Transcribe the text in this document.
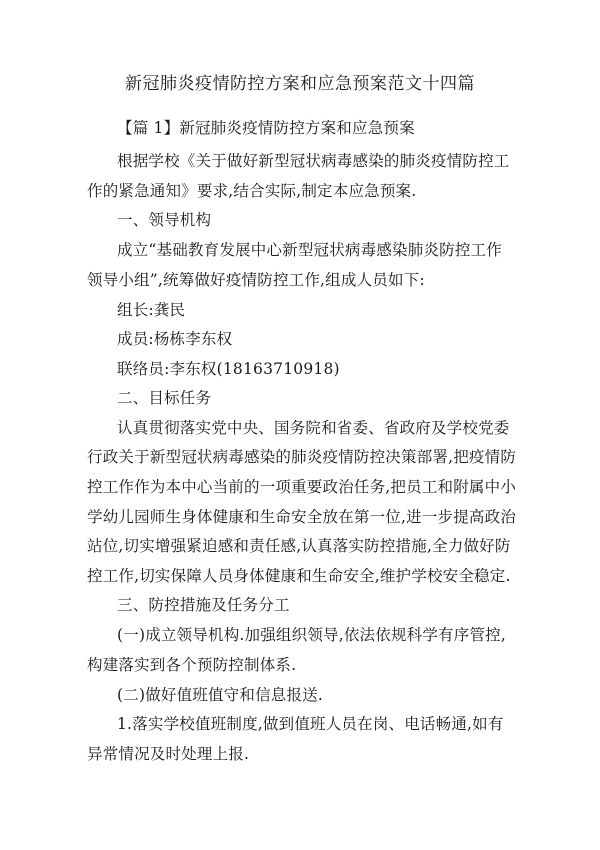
新冠肺炎疫情防控方案和应急预案范文十四篇
【篇 1】新冠肺炎疫情防控方案和应急预案
根据学校《关于做好新型冠状病毒感染的肺炎疫情防控工
作的紧急通知》要求,结合实际,制定本应急预案.
一、领导机构
成立“基础教育发展中心新型冠状病毒感染肺炎防控工作
领导小组”,统筹做好疫情防控工作,组成人员如下:
组长:龚民
成员:杨栋李东权
联络员:李东权(18163710918)
二、目标任务
认真贯彻落实党中央、国务院和省委、省政府及学校党委
行政关于新型冠状病毒感染的肺炎疫情防控决策部署,把疫情防
控工作作为本中心当前的一项重要政治任务,把员工和附属中小
学幼儿园师生身体健康和生命安全放在第一位,进一步提高政治
站位,切实增强紧迫感和责任感,认真落实防控措施,全力做好防
控工作,切实保障人员身体健康和生命安全,维护学校安全稳定.
三、防控措施及任务分工
(一)成立领导机构.加强组织领导,依法依规科学有序管控,
构建落实到各个预防控制体系.
(二)做好值班值守和信息报送.
1.落实学校值班制度,做到值班人员在岗、电话畅通,如有
异常情况及时处理上报.
